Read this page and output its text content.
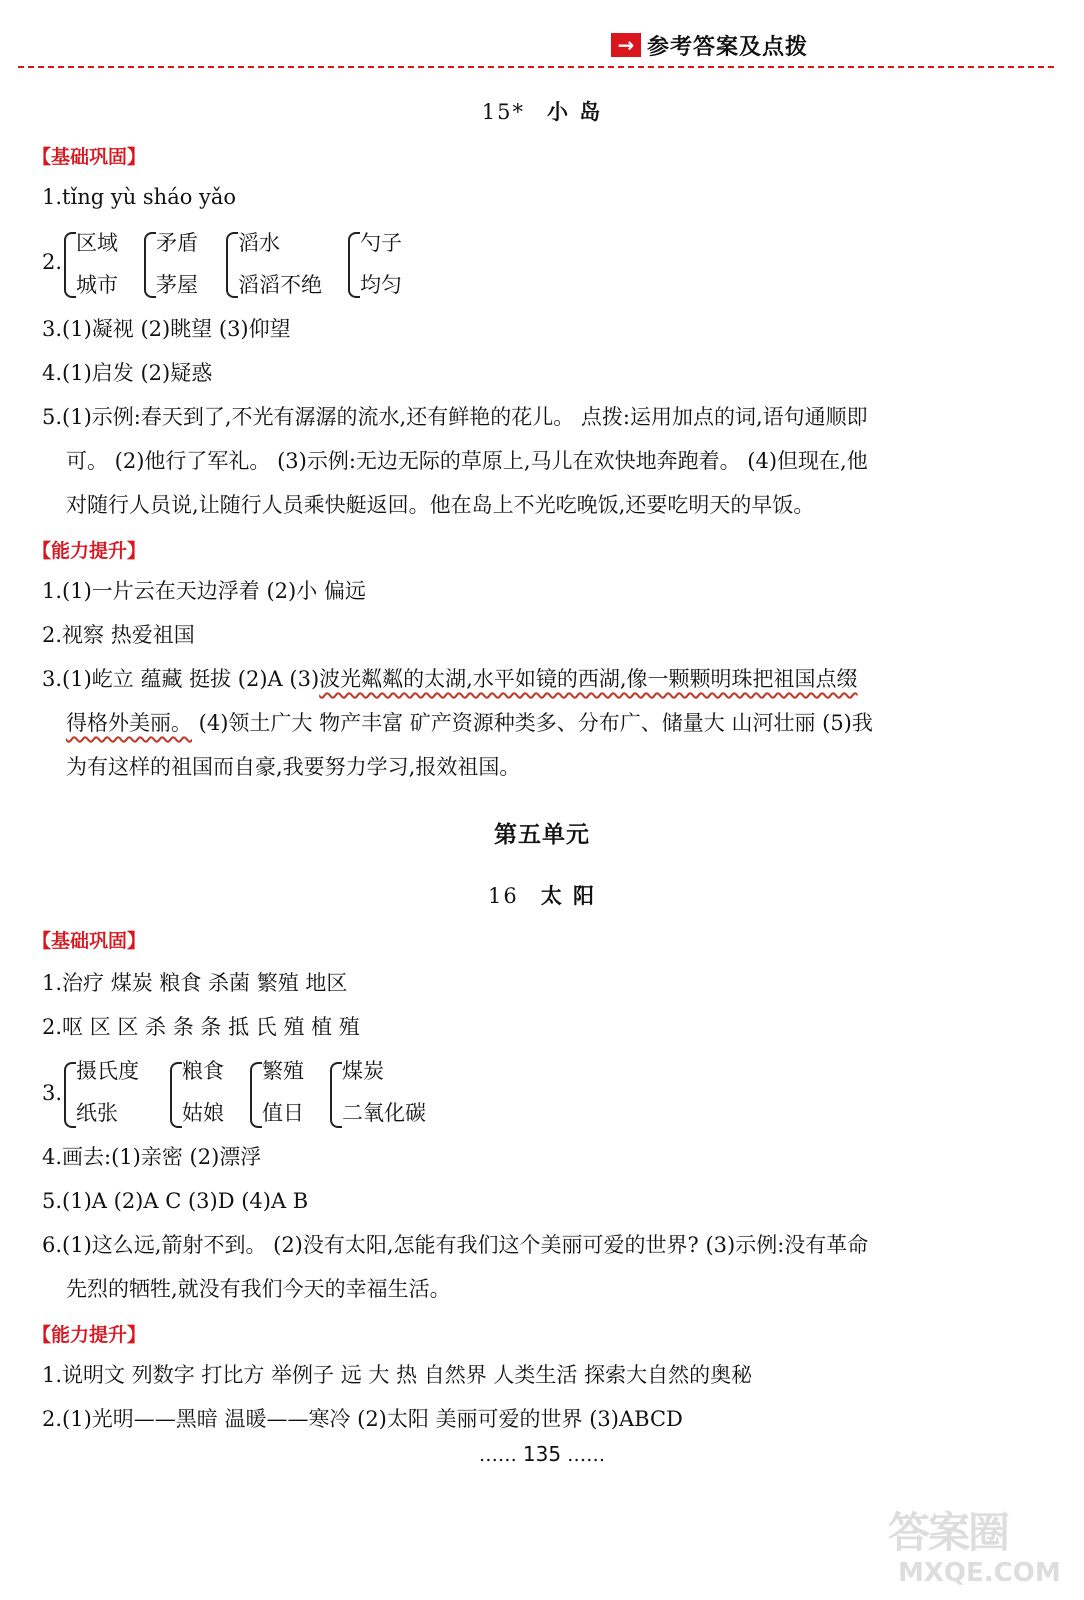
→ 参考答案及点拨
15* 小 岛
【基础巩固】
1.tǐng yù sháo yǎo
2.
区域
城市
矛盾
茅屋
滔水
滔滔不绝
勺子
均匀
3.(1)凝视 (2)眺望 (3)仰望
4.(1)启发 (2)疑惑
5.(1)示例:春天到了,不光有潺潺的流水,还有鲜艳的花儿。 点拨:运用加点的词,语句通顺即
可。 (2)他行了军礼。 (3)示例:无边无际的草原上,马儿在欢快地奔跑着。 (4)但现在,他
对随行人员说,让随行人员乘快艇返回。他在岛上不光吃晚饭,还要吃明天的早饭。
【能力提升】
1.(1)一片云在天边浮着 (2)小 偏远
2.视察 热爱祖国
3.(1)屹立 蕴藏 挺拔 (2)A (3)波光粼粼的太湖,水平如镜的西湖,像一颗颗明珠把祖国点缀
得格外美丽。 (4)领土广大 物产丰富 矿产资源种类多、分布广、储量大 山河壮丽 (5)我
为有这样的祖国而自豪,我要努力学习,报效祖国。
第五单元
16 太 阳
【基础巩固】
1.治疗 煤炭 粮食 杀菌 繁殖 地区
2.呕 区 区 杀 条 条 抵 氏 殖 植 殖
3.
摄氏度
纸张
粮食
姑娘
繁殖
值日
煤炭
二氧化碳
4.画去:(1)亲密 (2)漂浮
5.(1)A (2)A C (3)D (4)A B
6.(1)这么远,箭射不到。 (2)没有太阳,怎能有我们这个美丽可爱的世界? (3)示例:没有革命
先烈的牺牲,就没有我们今天的幸福生活。
【能力提升】
1.说明文 列数字 打比方 举例子 远 大 热 自然界 人类生活 探索大自然的奥秘
2.(1)光明——黑暗 温暖——寒冷 (2)太阳 美丽可爱的世界 (3)ABCD
…… 135 ……
答案圈
MXQE.COM
